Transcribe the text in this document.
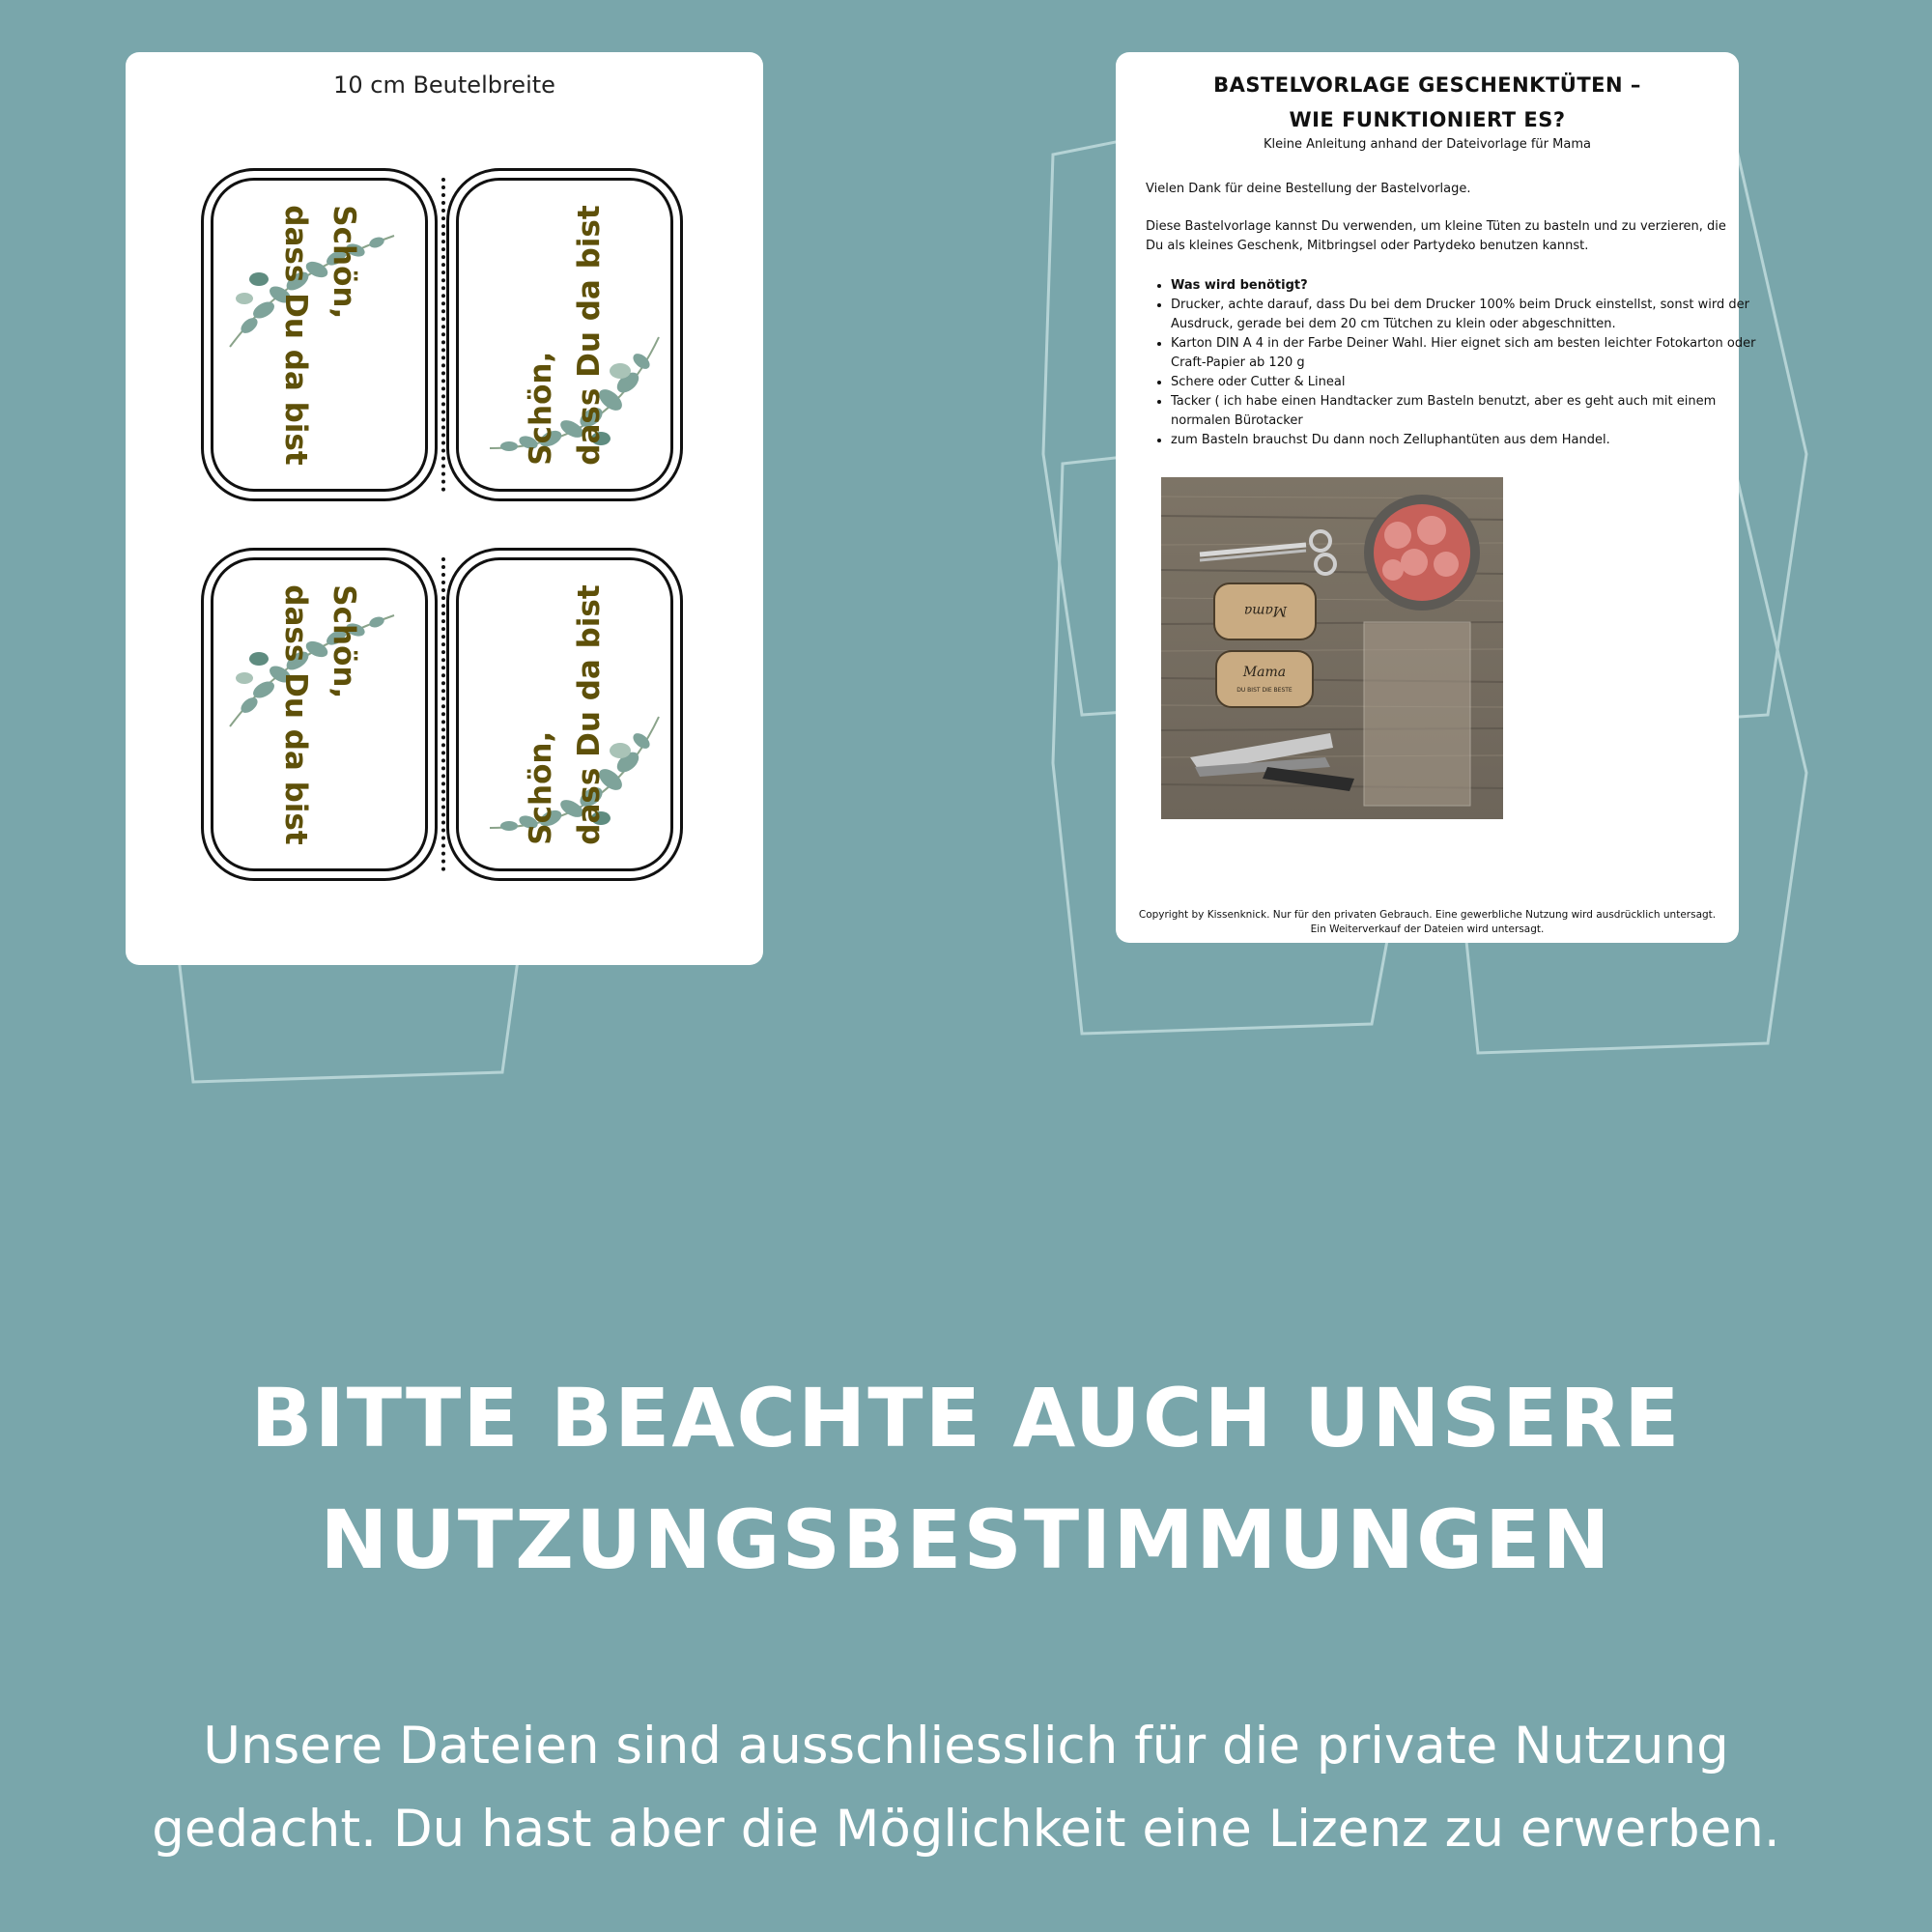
10 cm Beutelbreite
Schön,
dass Du da bist	Schön, dass Du da bist
Schön,
dass Du da bist	Schön, dass Du da bist
BASTELVORLAGE GESCHENKTÜTEN –
WIE FUNKTIONIERT ES?
Kleine Anleitung anhand der Dateivorlage für Mama
Vielen Dank für deine Bestellung der Bastelvorlage.
Diese Bastelvorlage kannst Du verwenden, um kleine Tüten zu basteln und zu verzieren, die Du als kleines Geschenk, Mitbringsel oder Partydeko benutzen kannst.
• Was wird benötigt?
• Drucker, achte darauf, dass Du bei dem Drucker 100% beim Druck einstellst, sonst wird der Ausdruck, gerade bei dem 20 cm Tütchen zu klein oder abgeschnitten.
• Karton DIN A 4 in der Farbe Deiner Wahl. Hier eignet sich am besten leichter Fotokarton oder Craft-Papier ab 120 g
• Schere oder Cutter & Lineal
• Tacker ( ich habe einen Handtacker zum Basteln benutzt, aber es geht auch mit einem normalen Bürotacker
• zum Basteln brauchst Du dann noch Zelluphantüten aus dem Handel.
Mama
DU BIST DIE BESTE
Mama
Copyright by Kissenknick. Nur für den privaten Gebrauch. Eine gewerbliche Nutzung wird ausdrücklich untersagt.
Ein Weiterverkauf der Dateien wird untersagt.
BITTE BEACHTE AUCH UNSERE
NUTZUNGSBESTIMMUNGEN
Unsere Dateien sind ausschliesslich für die private Nutzung
gedacht. Du hast aber die Möglichkeit eine Lizenz zu erwerben.
